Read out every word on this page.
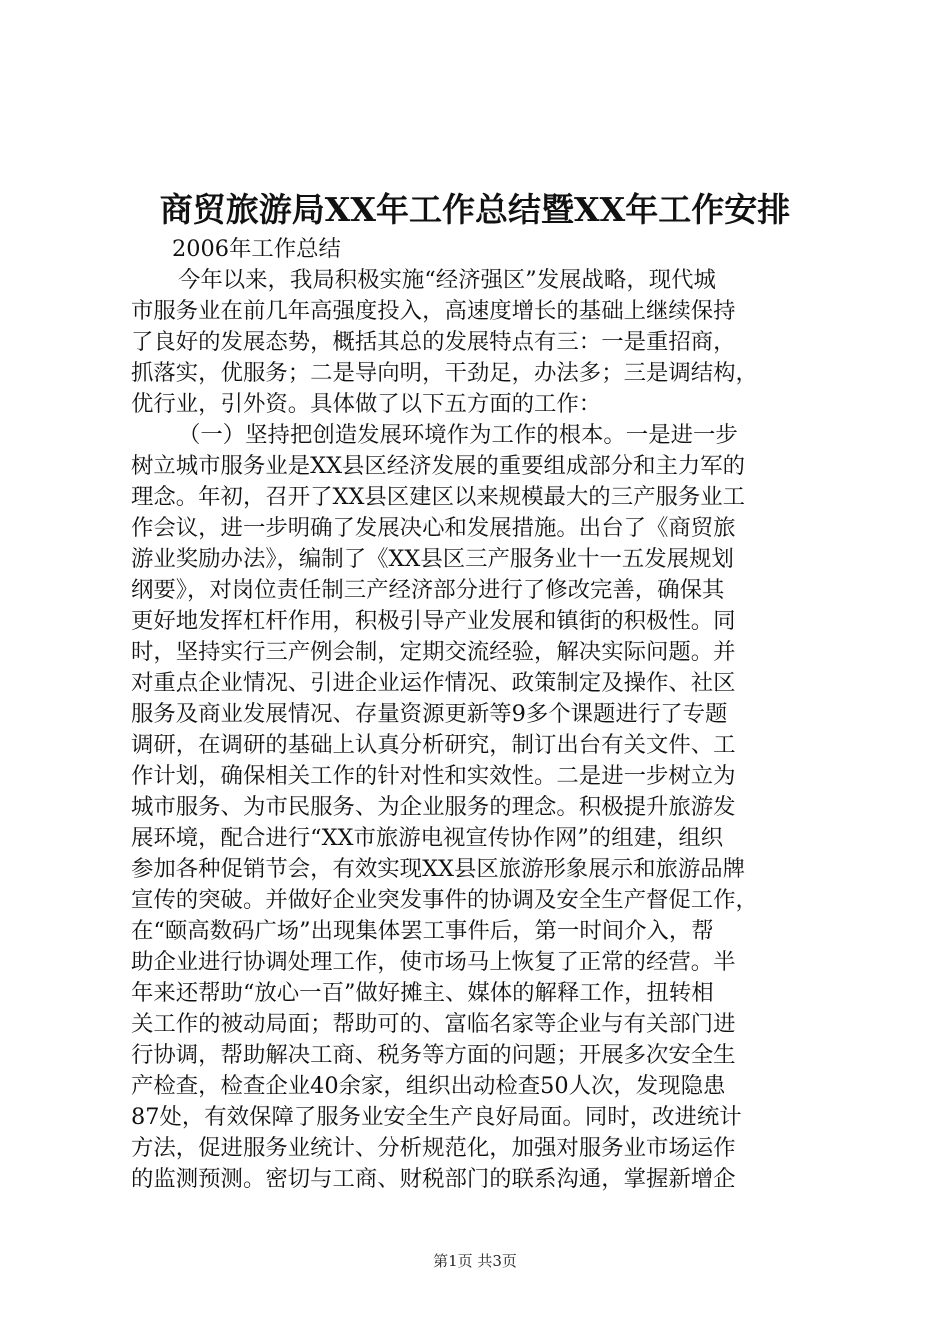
商贸旅游局XX年工作总结暨XX年工作安排
2006年工作总结
今年以来，我局积极实施“经济强区”发展战略，现代城
市服务业在前几年高强度投入，高速度增长的基础上继续保持
了良好的发展态势，概括其总的发展特点有三：一是重招商，
抓落实，优服务；二是导向明，干劲足，办法多；三是调结构，
优行业，引外资。具体做了以下五方面的工作：
（一）坚持把创造发展环境作为工作的根本。一是进一步
树立城市服务业是XX县区经济发展的重要组成部分和主力军的
理念。年初，召开了XX县区建区以来规模最大的三产服务业工
作会议，进一步明确了发展决心和发展措施。出台了《商贸旅
游业奖励办法》，编制了《XX县区三产服务业十一五发展规划
纲要》，对岗位责任制三产经济部分进行了修改完善，确保其
更好地发挥杠杆作用，积极引导产业发展和镇街的积极性。同
时，坚持实行三产例会制，定期交流经验，解决实际问题。并
对重点企业情况、引进企业运作情况、政策制定及操作、社区
服务及商业发展情况、存量资源更新等9多个课题进行了专题
调研，在调研的基础上认真分析研究，制订出台有关文件、工
作计划，确保相关工作的针对性和实效性。二是进一步树立为
城市服务、为市民服务、为企业服务的理念。积极提升旅游发
展环境，配合进行“XX市旅游电视宣传协作网”的组建，组织
参加各种促销节会，有效实现XX县区旅游形象展示和旅游品牌
宣传的突破。并做好企业突发事件的协调及安全生产督促工作，
在“颐高数码广场”出现集体罢工事件后，第一时间介入，帮
助企业进行协调处理工作，使市场马上恢复了正常的经营。半
年来还帮助“放心一百”做好摊主、媒体的解释工作，扭转相
关工作的被动局面；帮助可的、富临名家等企业与有关部门进
行协调，帮助解决工商、税务等方面的问题；开展多次安全生
产检查，检查企业40余家，组织出动检查50人次，发现隐患
87处，有效保障了服务业安全生产良好局面。同时，改进统计
方法，促进服务业统计、分析规范化，加强对服务业市场运作
的监测预测。密切与工商、财税部门的联系沟通，掌握新增企
第1页 共3页
